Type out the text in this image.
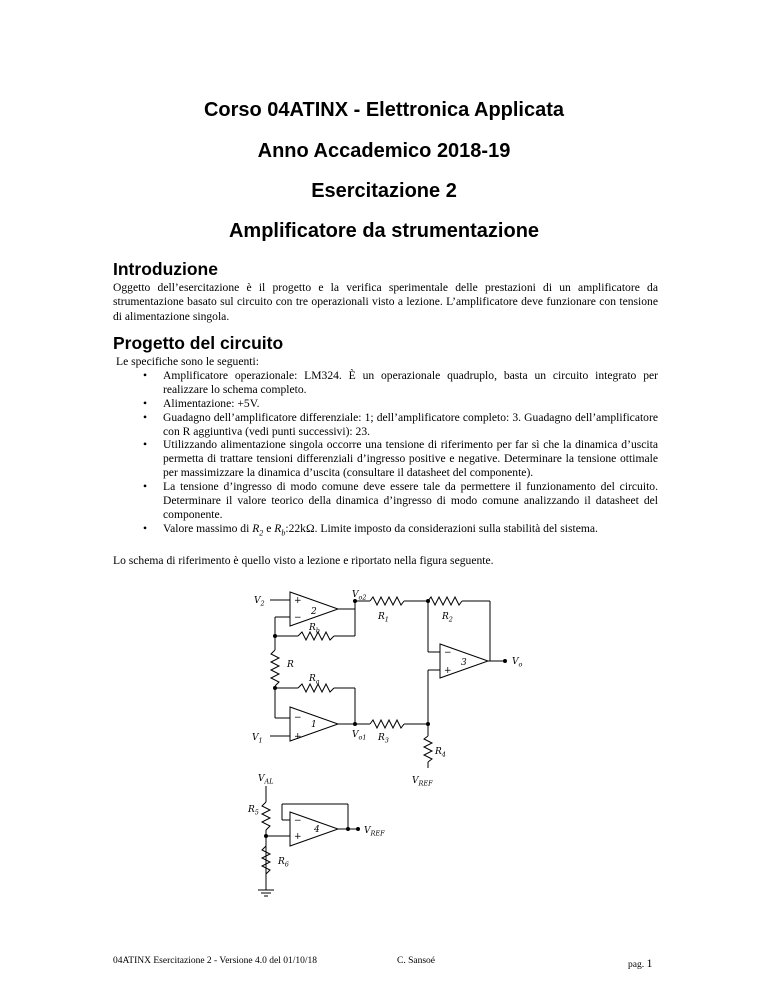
Corso 04ATINX - Elettronica Applicata
Anno Accademico 2018-19
Esercitazione 2
Amplificatore da strumentazione
Introduzione
Oggetto dell’esercitazione è il progetto e la verifica sperimentale delle prestazioni di un amplificatore da strumentazione basato sul circuito con tre operazionali visto a lezione. L’amplificatore deve funzionare con tensione di alimentazione singola.
Progetto del circuito
Le specifiche sono le seguenti:
• Amplificatore operazionale: LM324. È un operazionale quadruplo, basta un circuito integrato per realizzare lo schema completo.
• Alimentazione: +5V.
• Guadagno dell’amplificatore differenziale: 1; dell’amplificatore completo: 3. Guadagno dell’amplificatore con R aggiuntiva (vedi punti successivi): 23.
• Utilizzando alimentazione singola occorre una tensione di riferimento per far sì che la dinamica d’uscita permetta di trattare tensioni differenziali d’ingresso positive e negative. Determinare la tensione ottimale per massimizzare la dinamica d’uscita (consultare il datasheet del componente).
• La tensione d’ingresso di modo comune deve essere tale da permettere il funzionamento del circuito. Determinare il valore teorico della dinamica d’ingresso di modo comune analizzando il datasheet del componente.
• Valore massimo di $R_2$ e $R_b:22k\Omega$. Limite imposto da considerazioni sulla stabilità del sistema.
Lo schema di riferimento è quello visto a lezione e riportato nella figura seguente.
$V_2$
$V_{o2}$
$R_1$	$R_2$
$R_b$
R
$R_a$
$V_1$
$V_{o1}$ $R_3$
$R_4$
$V_{REF}$
$V_o$
$V_{AL}$
$R_5$
$R_6$
$V_{REF}$
2
1
3
4
+
−
−
+
−
+
−
+
04ATINX Esercitazione 2 - Versione 4.0 del 01/10/18	C. Sansoé	pag. 1
